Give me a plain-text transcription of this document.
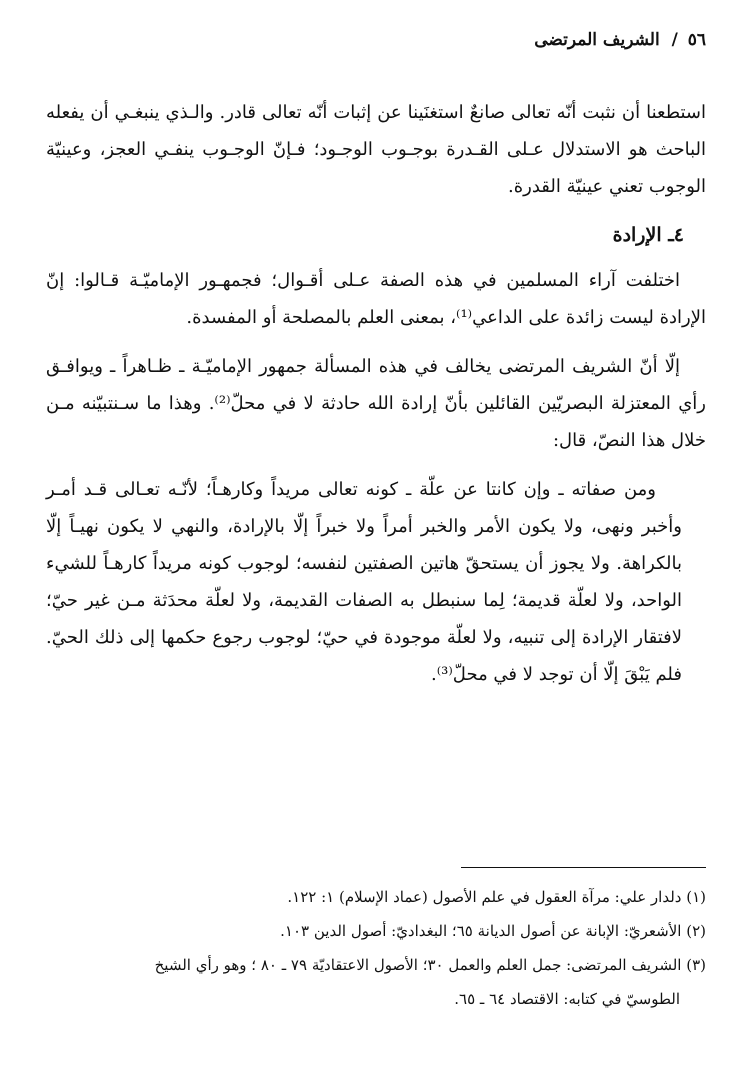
٥٦ / الشريف المرتضى

استطعنا أن نثبت أنّه تعالى صانعٌ استغنَينا عن إثبات أنّه تعالى قادر. والـذي ينبغـي أن يفعله الباحث هو الاستدلال عـلى القـدرة بوجـوب الوجـود؛ فـإنّ الوجـوب ينفـي العجز، وعينيّة الوجوب تعني عينيّة القدرة.

٤ـ الإرادة

اختلفت آراء المسلمين في هذه الصفة عـلى أقـوال؛ فجمهـور الإماميّـة قـالوا: إنّ الإرادة ليست زائدة على الداعي⁽¹⁾، بمعنى العلم بالمصلحة أو المفسدة.

إلّا أنّ الشريف المرتضى يخالف في هذه المسألة جمهور الإماميّـة ـ ظـاهراً ـ ويوافـق رأي المعتزلة البصريّين القائلين بأنّ إرادة الله حادثة لا في محلّ⁽²⁾. وهذا ما سـنتبيّنه مـن خلال هذا النصّ، قال:

ومن صفاته ـ وإن كانتا عن علّة ـ كونه تعالى مريداً وكارهـاً؛ لأنّـه تعـالى قـد أمـر وأخبر ونهى، ولا يكون الأمر والخبر أمراً ولا خبراً إلّا بالإرادة، والنهي لا يكون نهيـاً إلّا بالكراهة. ولا يجوز أن يستحقّ هاتين الصفتين لنفسه؛ لوجوب كونه مريداً كارهـاً للشيء الواحد، ولا لعلّة قديمة؛ لِما سنبطل به الصفات القديمة، ولا لعلّة محدَثة مـن غير حيّ؛ لافتقار الإرادة إلى تنبيه، ولا لعلّة موجودة في حيّ؛ لوجوب رجوع حكمها إلى ذلك الحيّ. فلم يَبْقَ إلّا أن توجد لا في محلّ⁽³⁾.

(١) دلدار علي: مرآة العقول في علم الأصول (عماد الإسلام) ١: ١٢٢.
(٢) الأشعريّ: الإبانة عن أصول الديانة ٦٥؛ البغداديّ: أصول الدين ١٠٣.
(٣) الشريف المرتضى: جمل العلم والعمل ٣٠؛ الأصول الاعتقاديّة ٧٩ ـ ٨٠ ؛ وهو رأي الشيخ
الطوسيّ في كتابه: الاقتصاد ٦٤ ـ ٦٥.
